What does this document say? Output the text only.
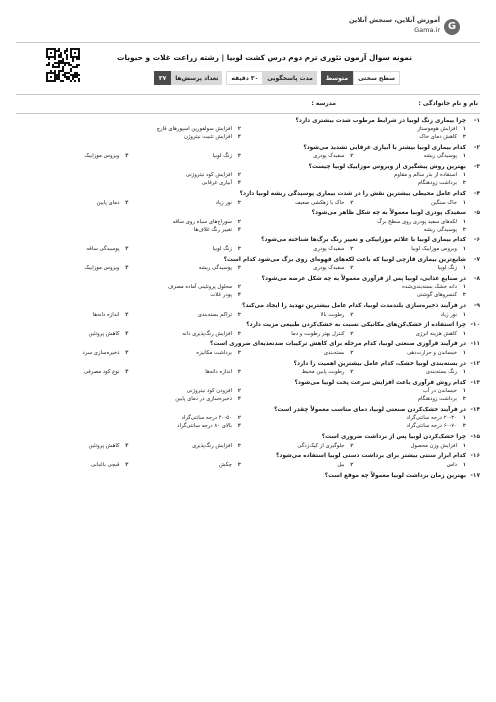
G
آموزش آنلاین، سنجش آنلاین
Gama.ir
نمونه سوال آزمون تئوری ترم دوم درس کشت لوبیا | رشته زراعت غلات و حبوبات
تعداد پرسش‌ها
۳۷	مدت پاسخگویی
۳۰ دقیقه	سطح سختی
متوسط
نام و نام خانوادگی :
مدرسه :
۱-
چرا بیماری زنگ لوبیا در شرایط مرطوب شدت بیشتری دارد؟
۱
افزایش هوموستاز
۲
افزایش سولفورین اسپورهای قارچ
۳
کاهش دمای خاک
۴
افزایش تثبیت نیتروژن
۲-
کدام بیماری لوبیا بیشتر با آبیاری غرقابی تشدید می‌شود؟
۱
پوسیدگی ریشه
۲
سفیدک پودری
۳
زنگ لوبیا
۴
ویروس موزاییک
۳-
بهترین روش پیشگیری از ویروس موزاییک لوبیا چیست؟
۱
استفاده از بذر سالم و مقاوم
۲
افزایش کود نیتروژنی
۳
برداشت زودهنگام
۴
آبیاری غرقابی
۴-
کدام عامل محیطی بیشترین نقش را در شدت بیماری پوسیدگی ریشه لوبیا دارد؟
۱
خاک سنگین
۲
خاک با زهکشی ضعیف
۳
نور زیاد
۴
دمای پایین
۵-
سفیدک پودری لوبیا معمولاً به چه شکل ظاهر می‌شود؟
۱
لکه‌های سفید پودری روی سطح برگ
۲
سوراخ‌های سیاه روی ساقه
۳
پوسیدگی ریشه
۴
تغییر رنگ غلاف‌ها
۶-
کدام بیماری لوبیا با علائم موزاییکی و تغییر رنگ برگ‌ها شناخته می‌شود؟
۱
ویروس موزاییک لوبیا
۲
سفیدک پودری
۳
زنگ لوبیا
۴
پوسیدگی ساقه
۷-
شایع‌ترین بیماری قارچی لوبیا که باعث لکه‌های قهوه‌ای روی برگ می‌شود کدام است؟
۱
زنگ لوبیا
۲
سفیدک پودری
۳
پوسیدگی ریشه
۴
ویروس موزاییک
۸-
در صنایع غذایی، لوبیا پس از فرآوری معمولاً به چه شکل عرضه می‌شود؟
۱
دانه خشک بسته‌بندی‌شده
۲
محلول پروتئینی آماده مصرف
۳
کنسروهای گوشتی
۴
پودر غلات
۹-
در فرآیند ذخیره‌سازی بلندمدت لوبیا، کدام عامل بیشترین تهدید را ایجاد می‌کند؟
۱
نور زیاد
۲
رطوبت بالا
۳
تراکم بسته‌بندی
۴
اندازه دانه‌ها
۱۰-
چرا استفاده از خشک‌کن‌های مکانیکی نسبت به خشک‌کردن طبیعی مزیت دارد؟
۱
کاهش هزینه انرژی
۲
کنترل بهتر رطوبت و دما
۳
افزایش رنگ‌پذیری دانه
۴
کاهش پروتئین
۱۱-
در فرآیند فرآوری صنعتی لوبیا، کدام مرحله برای کاهش ترکیبات ضدتغذیه‌ای ضروری است؟
۱
خیساندن و حرارت‌دهی
۲
بسته‌بندی
۳
برداشت مکانیزه
۴
ذخیره‌سازی سرد
۱۲-
در بسته‌بندی لوبیا خشک، کدام عامل بیشترین اهمیت را دارد؟
۱
رنگ بسته‌بندی
۲
رطوبت پایین محیط
۳
اندازه دانه‌ها
۴
نوع کود مصرفی
۱۳-
کدام روش فرآوری باعث افزایش سرعت پخت لوبیا می‌شود؟
۱
خیساندن در آب
۲
افزودن کود نیتروژنی
۳
برداشت زودهنگام
۴
ذخیره‌سازی در دمای پایین
۱۴-
در فرآیند خشک‌کردن صنعتی لوبیا، دمای مناسب معمولاً چقدر است؟
۱
۲۰-۳۰ درجه سانتی‌گراد
۲
۴۰-۵۰ درجه سانتی‌گراد
۳
۶۰-۷۰ درجه سانتی‌گراد
۴
بالای ۸۰ درجه سانتی‌گراد
۱۵-
چرا خشک‌کردن لوبیا پس از برداشت ضروری است؟
۱
افزایش وزن محصول
۲
جلوگیری از کپک‌زدگی
۳
افزایش رنگ‌پذیری
۴
کاهش پروتئین
۱۶-
کدام ابزار سنتی بیشتر برای برداشت دستی لوبیا استفاده می‌شود؟
۱
داس
۲
بیل
۳
چکش
۴
قیچی باغبانی
۱۷-
بهترین زمان برداشت لوبیا معمولاً چه موقع است؟
